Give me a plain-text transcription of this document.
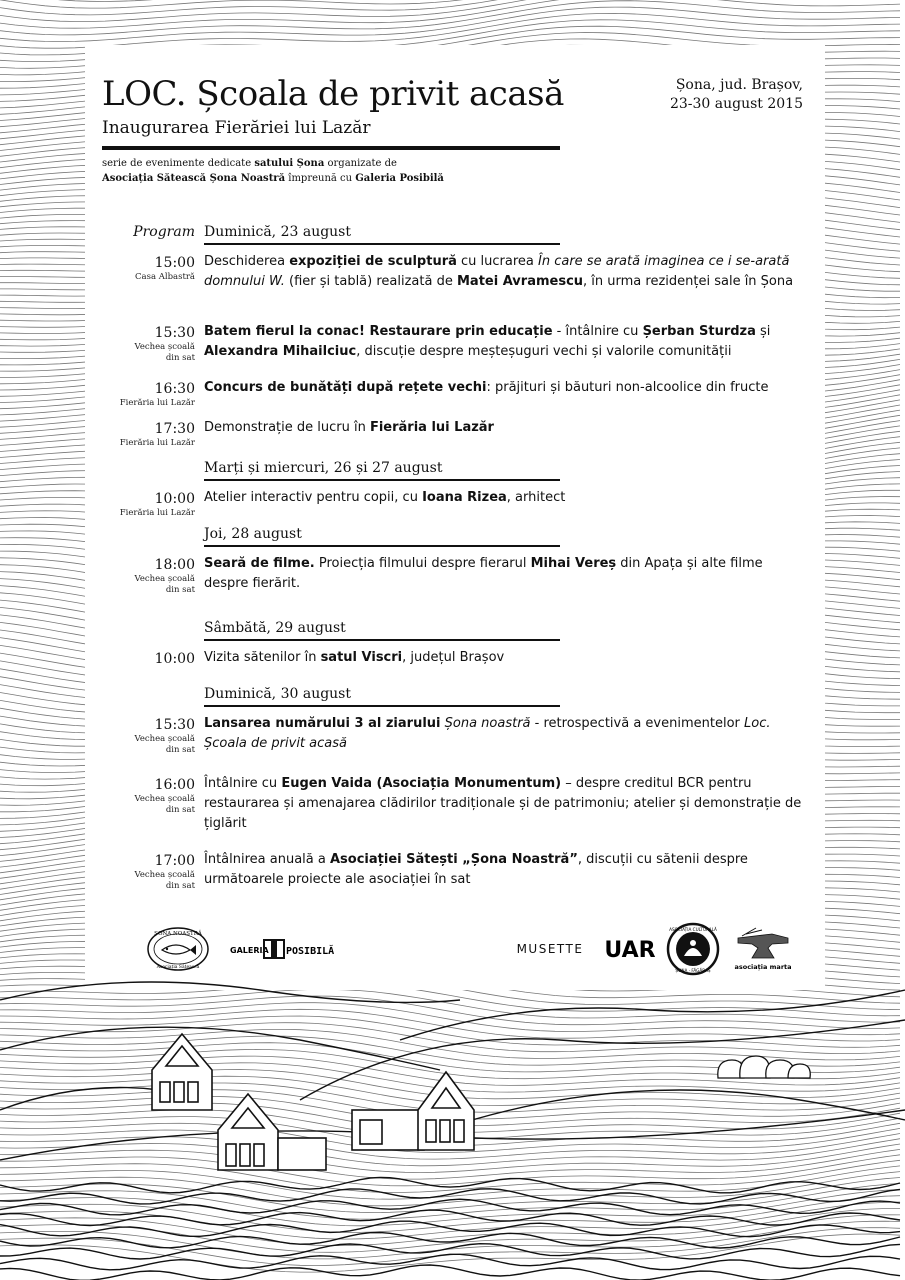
LOC. Școala de privit acasă
Inaugurarea Fierăriei lui Lazăr
Șona, jud. Brașov,
23-30 august 2015
serie de evenimente dedicate satului Șona organizate de
Asociația Sătească Șona Noastră împreună cu Galeria Posibilă
Program Duminică, 23 august
15:00
Casa Albastră
Deschiderea expoziției de sculptură cu lucrarea În care se arată imaginea ce i se-arată domnului W. (fier și tablă) realizată de Matei Avramescu, în urma rezidenței sale în Șona
15:30
Vechea școală
din sat
Batem fierul la conac! Restaurare prin educație - întâlnire cu Șerban Sturdza și Alexandra Mihailciuc, discuție despre meșteșuguri vechi și valorile comunității
16:30
Fierăria lui Lazăr
Concurs de bunătăți după rețete vechi: prăjituri și băuturi non-alcoolice din fructe
17:30
Fierăria lui Lazăr
Demonstrație de lucru în Fierăria lui Lazăr
Marți și miercuri, 26 și 27 august
10:00
Fierăria lui Lazăr
Atelier interactiv pentru copii, cu Ioana Rizea, arhitect
Joi, 28 august
18:00
Vechea școală
din sat
Seară de filme. Proiecția filmului despre fierarul Mihai Vereș din Apața și alte filme despre fierărit.
Sâmbătă, 29 august
10:00 Vizita sătenilor în satul Viscri, județul Brașov
Duminică, 30 august
15:30
Vechea școală
din sat
Lansarea numărului 3 al ziarului Șona noastră - retrospectivă a evenimentelor Loc. Școala de privit acasă
16:00
Vechea școală
din sat
Întâlnire cu Eugen Vaida (Asociația Monumentum) – despre creditul BCR pentru restaurarea și amenajarea clădirilor tradiționale și de patrimoniu; atelier și demonstrație de țiglărit
17:00
Vechea școală
din sat
Întâlnirea anuală a Asociației Sătești „Șona Noastră”, discuții cu sătenii despre următoarele proiecte ale asociației în sat
ȘONA NOASTRĂ
Asociația Sătească
GALERIA POSIBILĂ	MUSETTE UAR
ASOCIAȚIA CULTURALĂ
ȘONA · FĂGĂRAȘ	asociația marta
